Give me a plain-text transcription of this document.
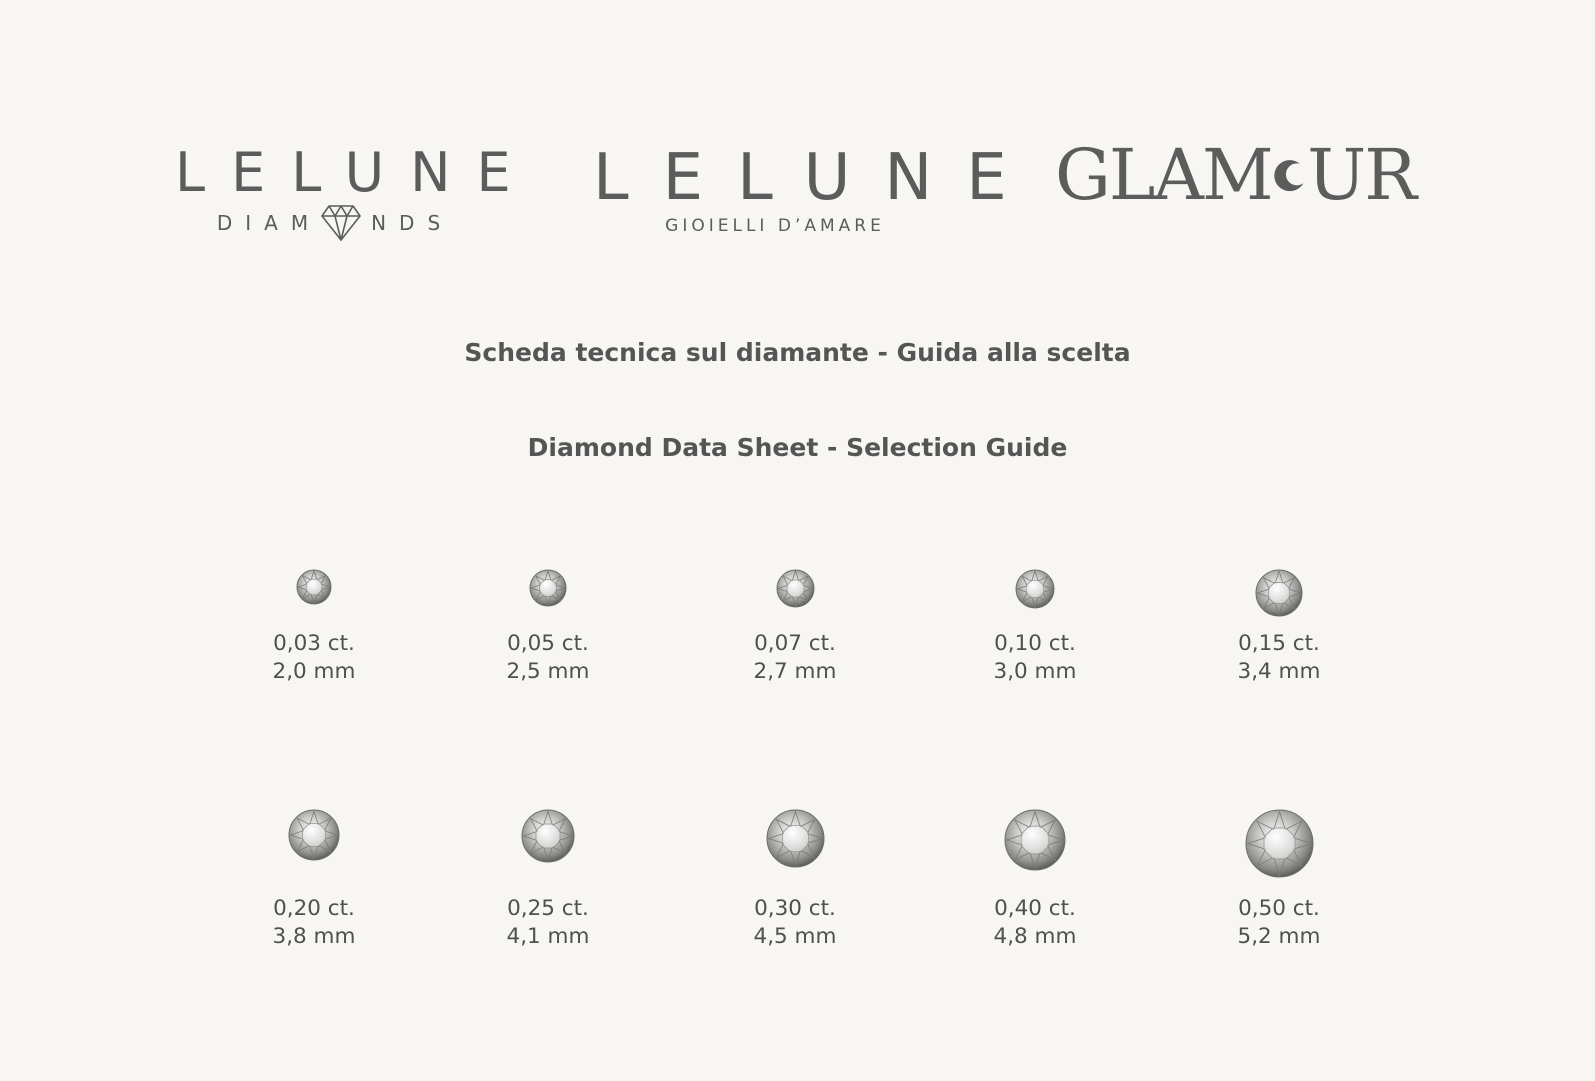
LELUNE
DIAM	NDS
LELUNE
GIOIELLI D’AMARE
GLAM UR
Scheda tecnica sul diamante - Guida alla scelta
Diamond Data Sheet - Selection Guide
0,03 ct.
2,0 mm
0,05 ct.
2,5 mm
0,07 ct.
2,7 mm
0,10 ct.
3,0 mm
0,15 ct.
3,4 mm
0,20 ct.
3,8 mm
0,25 ct.
4,1 mm
0,30 ct.
4,5 mm
0,40 ct.
4,8 mm
0,50 ct.
5,2 mm
